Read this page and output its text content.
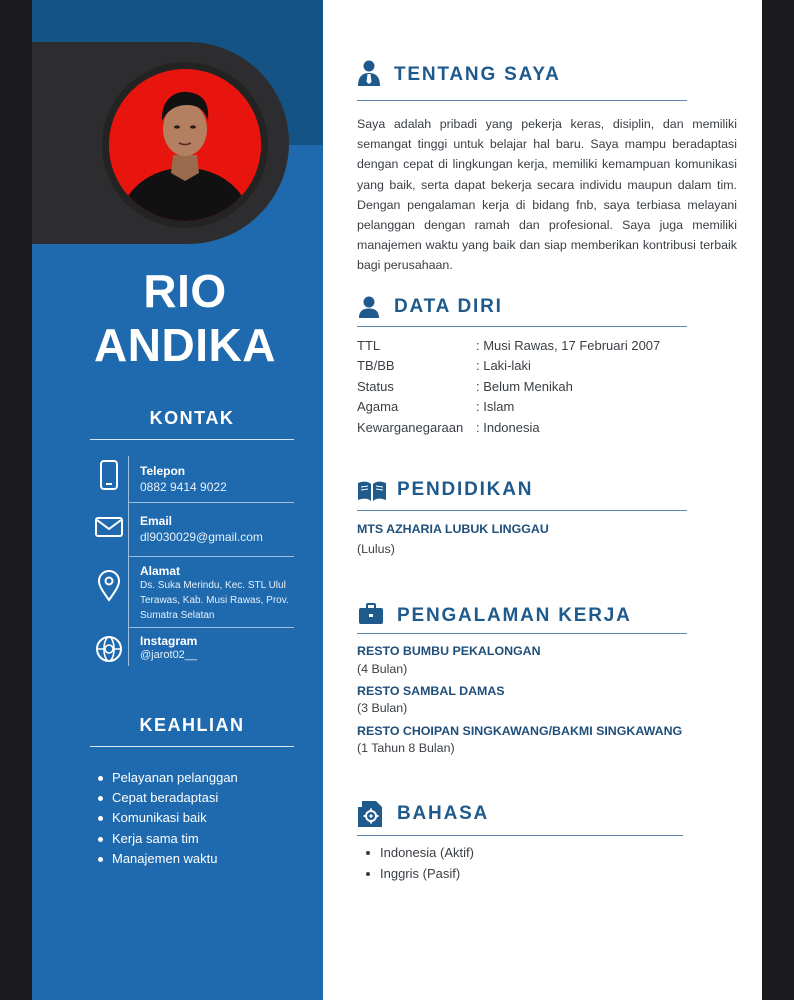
RIO
ANDIKA
KONTAK
Telepon
0882 9414 9022
Email
dl9030029@gmail.com
Alamat
Ds. Suka Merindu, Kec. STL Ulul Terawas, Kab. Musi Rawas, Prov. Sumatra Selatan
Instagram
@jarot02__
KEAHLIAN
Pelayanan pelanggan
Cepat beradaptasi
Komunikasi baik
Kerja sama tim
Manajemen waktu
TENTANG SAYA

Saya adalah pribadi yang pekerja keras, disiplin, dan memiliki semangat tinggi untuk belajar hal baru. Saya mampu beradaptasi dengan cepat di lingkungan kerja, memiliki kemampuan komunikasi yang baik, serta dapat bekerja secara individu maupun dalam tim. Dengan pengalaman kerja di bidang fnb, saya terbiasa melayani pelanggan dengan ramah dan profesional. Saya juga memiliki manajemen waktu yang baik dan siap memberikan kontribusi terbaik bagi perusahaan.

DATA DIRI
TTL	: Musi Rawas, 17 Februari 2007
TB/BB	: Laki-laki
Status	: Belum Menikah
Agama	: Islam
Kewarganegaraan : Indonesia
PENDIDIKAN
MTS AZHARIA LUBUK LINGGAU
(Lulus)
PENGALAMAN KERJA
RESTO BUMBU PEKALONGAN
(4 Bulan)
RESTO SAMBAL DAMAS
(3 Bulan)
RESTO CHOIPAN SINGKAWANG/BAKMI SINGKAWANG
(1 Tahun 8 Bulan)
BAHASA
Indonesia (Aktif)
Inggris (Pasif)
